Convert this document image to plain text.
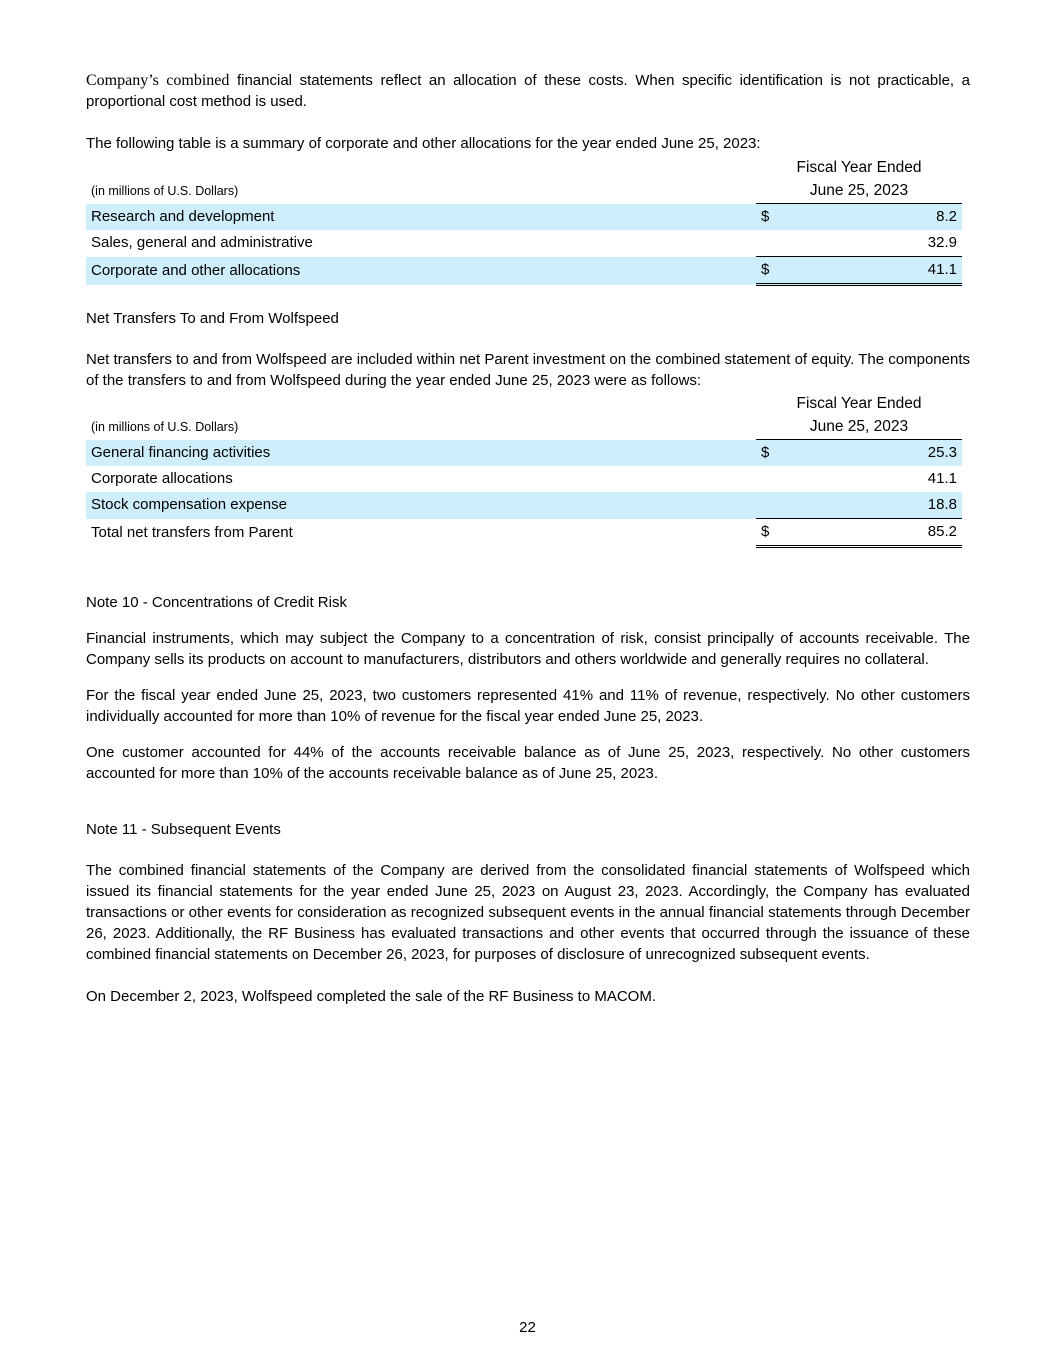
Company’s combined financial statements reflect an allocation of these costs. When specific identification is not practicable, a proportional cost method is used.

The following table is a summary of corporate and other allocations for the year ended June 25, 2023:

	Fiscal Year Ended	
(in millions of U.S. Dollars)	June 25, 2023	
Research and development	$	8.2
Sales, general and administrative		32.9
Corporate and other allocations	$	41.1

Net Transfers To and From Wolfspeed

Net transfers to and from Wolfspeed are included within net Parent investment on the combined statement of equity. The components of the transfers to and from Wolfspeed during the year ended June 25, 2023 were as follows:

	Fiscal Year Ended	
(in millions of U.S. Dollars)	June 25, 2023	
General financing activities	$	25.3
Corporate allocations		41.1
Stock compensation expense		18.8
Total net transfers from Parent	$	85.2

Note 10 - Concentrations of Credit Risk

Financial instruments, which may subject the Company to a concentration of risk, consist principally of accounts receivable. The Company sells its products on account to manufacturers, distributors and others worldwide and generally requires no collateral.

For the fiscal year ended June 25, 2023, two customers represented 41% and 11% of revenue, respectively. No other customers individually accounted for more than 10% of revenue for the fiscal year ended June 25, 2023.

One customer accounted for 44% of the accounts receivable balance as of June 25, 2023, respectively. No other customers accounted for more than 10% of the accounts receivable balance as of June 25, 2023.

Note 11 - Subsequent Events

The combined financial statements of the Company are derived from the consolidated financial statements of Wolfspeed which issued its financial statements for the year ended June 25, 2023 on August 23, 2023. Accordingly, the Company has evaluated transactions or other events for consideration as recognized subsequent events in the annual financial statements through December 26, 2023. Additionally, the RF Business has evaluated transactions and other events that occurred through the issuance of these combined financial statements on December 26, 2023, for purposes of disclosure of unrecognized subsequent events.

On December 2, 2023, Wolfspeed completed the sale of the RF Business to MACOM.

22
